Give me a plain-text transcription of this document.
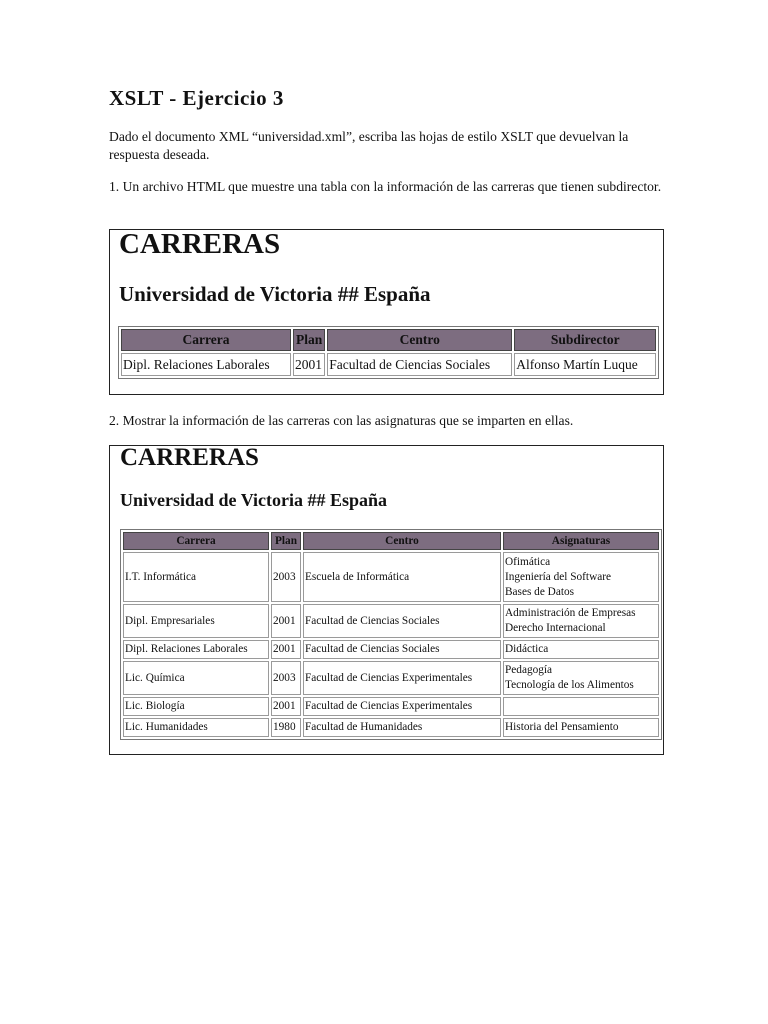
XSLT - Ejercicio 3
Dado el documento XML “universidad.xml”, escriba las hojas de estilo XSLT que devuelvan la respuesta deseada.
1. Un archivo HTML que muestre una tabla con la información de las carreras que tienen subdirector.
CARRERAS
Universidad de Victoria ## España
Carrera	Plan	Centro	Subdirector
Dipl. Relaciones Laborales	2001	Facultad de Ciencias Sociales	Alfonso Martín Luque
2. Mostrar la información de las carreras con las asignaturas que se imparten en ellas.
CARRERAS
Universidad de Victoria ## España
Carrera	Plan	Centro	Asignaturas
I.T. Informática	2003	Escuela de Informática	Ofimática
Ingeniería del Software
Bases de Datos

Dipl. Empresariales	2001	Facultad de Ciencias Sociales	Administración de Empresas
Derecho Internacional

Dipl. Relaciones Laborales	2001	Facultad de Ciencias Sociales	Didáctica

Lic. Química	2003	Facultad de Ciencias Experimentales	Pedagogía
Tecnología de los Alimentos

Lic. Biología	2001	Facultad de Ciencias Experimentales	
Lic. Humanidades	1980	Facultad de Humanidades	Historia del Pensamiento
